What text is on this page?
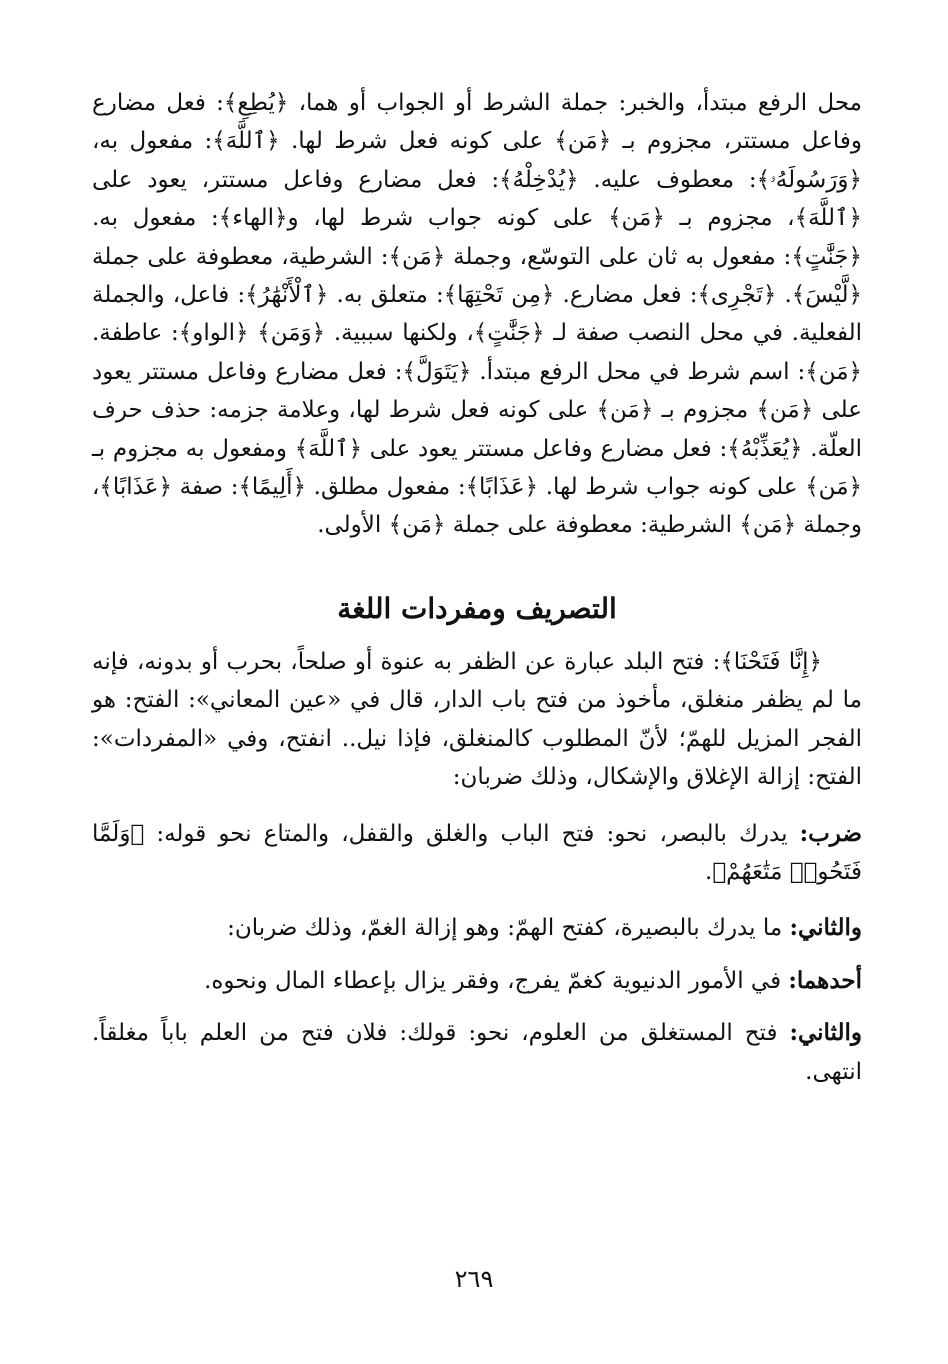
محل الرفع مبتدأ، والخبر: جملة الشرط أو الجواب أو هما، ﴿يُطِعِ﴾: فعل مضارع وفاعل مستتر، مجزوم بـ ﴿مَن﴾ على كونه فعل شرط لها. ﴿ٱللَّهَ﴾: مفعول به، ﴿وَرَسُولَهُۥ﴾: معطوف عليه. ﴿يُدْخِلْهُ﴾: فعل مضارع وفاعل مستتر، يعود على ﴿ٱللَّهَ﴾، مجزوم بـ ﴿مَن﴾ على كونه جواب شرط لها، و﴿الهاء﴾: مفعول به. ﴿جَنَّٰتٍ﴾: مفعول به ثان على التوسّع، وجملة ﴿مَن﴾: الشرطية، معطوفة على جملة ﴿لَّيْسَ﴾. ﴿تَجْرِى﴾: فعل مضارع. ﴿مِن تَحْتِهَا﴾: متعلق به. ﴿ٱلْأَنْهَٰرُ﴾: فاعل، والجملة الفعلية. في محل النصب صفة لـ ﴿جَنَّٰتٍ﴾، ولكنها سببية. ﴿وَمَن﴾ ﴿الواو﴾: عاطفة. ﴿مَن﴾: اسم شرط في محل الرفع مبتدأ. ﴿يَتَوَلَّ﴾: فعل مضارع وفاعل مستتر يعود على ﴿مَن﴾ مجزوم بـ ﴿مَن﴾ على كونه فعل شرط لها، وعلامة جزمه: حذف حرف العلّة. ﴿يُعَذِّبْهُ﴾: فعل مضارع وفاعل مستتر يعود على ﴿ٱللَّهَ﴾ ومفعول به مجزوم بـ ﴿مَن﴾ على كونه جواب شرط لها. ﴿عَذَابًا﴾: مفعول مطلق. ﴿أَلِيمًا﴾: صفة ﴿عَذَابًا﴾، وجملة ﴿مَن﴾ الشرطية: معطوفة على جملة ﴿مَن﴾ الأولى.

التصريف ومفردات اللغة

﴿إِنَّا فَتَحْنَا﴾: فتح البلد عبارة عن الظفر به عنوة أو صلحاً، بحرب أو بدونه، فإنه ما لم يظفر منغلق، مأخوذ من فتح باب الدار، قال في «عين المعاني»: الفتح: هو الفجر المزيل للهمّ؛ لأنّ المطلوب كالمنغلق، فإذا نيل.. انفتح، وفي «المفردات»: الفتح: إزالة الإغلاق والإشكال، وذلك ضربان:

ضرب: يدرك بالبصر، نحو: فتح الباب والغلق والقفل، والمتاع نحو قوله: ﴿وَلَمَّا فَتَحُوا۟ مَتَٰعَهُمْ﴾.

والثاني: ما يدرك بالبصيرة، كفتح الهمّ: وهو إزالة الغمّ، وذلك ضربان:

أحدهما: في الأمور الدنيوية كغمّ يفرج، وفقر يزال بإعطاء المال ونحوه.

والثاني: فتح المستغلق من العلوم، نحو: قولك: فلان فتح من العلم باباً مغلقاً. انتهى.

٢٦٩
